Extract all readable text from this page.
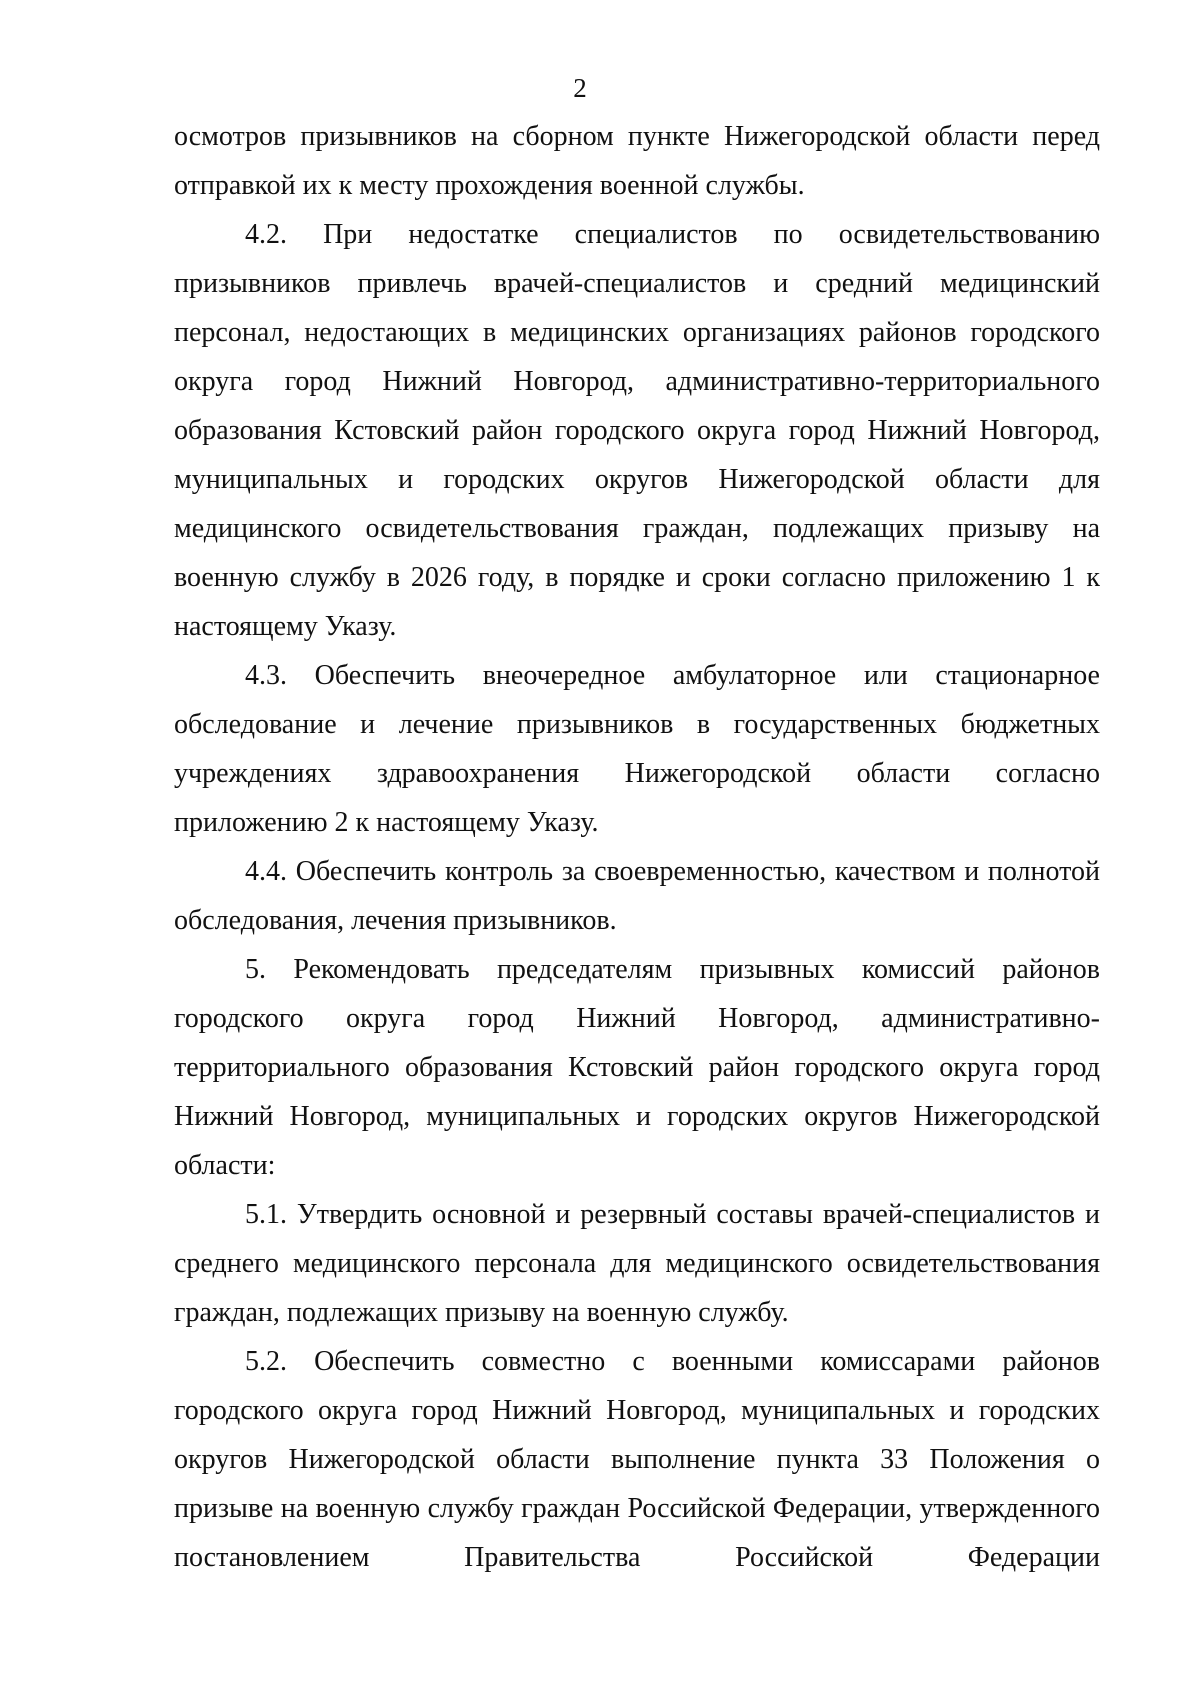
2

осмотров призывников на сборном пункте Нижегородской области перед отправкой их к месту прохождения военной службы.

4.2. При недостатке специалистов по освидетельствованию призывников привлечь врачей-специалистов и средний медицинский персонал, недостающих в медицинских организациях районов городского округа город Нижний Новгород, административно-территориального образования Кстовский район городского округа город Нижний Новгород, муниципальных и городских округов Нижегородской области для медицинского освидетельствования граждан, подлежащих призыву на военную службу в 2026 году, в порядке и сроки согласно приложению 1 к настоящему Указу.

4.3. Обеспечить внеочередное амбулаторное или стационарное обследование и лечение призывников в государственных бюджетных учреждениях здравоохранения Нижегородской области согласно приложению 2 к настоящему Указу.

4.4. Обеспечить контроль за своевременностью, качеством и полнотой обследования, лечения призывников.

5. Рекомендовать председателям призывных комиссий районов городского округа город Нижний Новгород, административно-территориального образования Кстовский район городского округа город Нижний Новгород, муниципальных и городских округов Нижегородской области:

5.1. Утвердить основной и резервный составы врачей-специалистов и среднего медицинского персонала для медицинского освидетельствования граждан, подлежащих призыву на военную службу.

5.2. Обеспечить совместно с военными комиссарами районов городского округа город Нижний Новгород, муниципальных и городских округов Нижегородской области выполнение пункта 33 Положения о призыве на военную службу граждан Российской Федерации, утвержденного постановлением Правительства Российской Федерации
